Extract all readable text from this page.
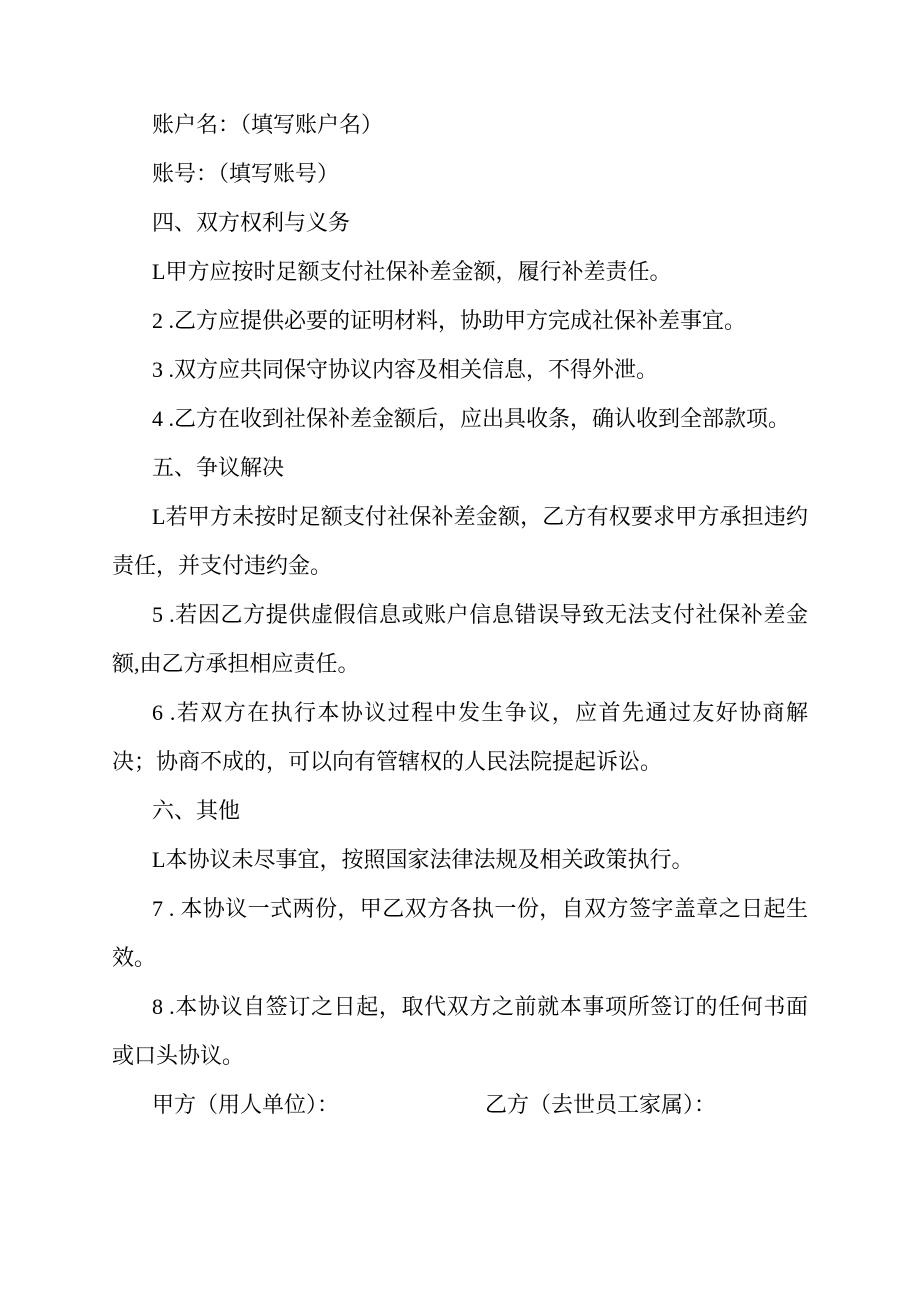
账户名：（填写账户名）

账号：（填写账号）

四、双方权利与义务

L甲方应按时足额支付社保补差金额，履行补差责任。

2 .乙方应提供必要的证明材料，协助甲方完成社保补差事宜。

3 .双方应共同保守协议内容及相关信息，不得外泄。

4 .乙方在收到社保补差金额后，应出具收条，确认收到全部款项。

五、争议解决

L若甲方未按时足额支付社保补差金额，乙方有权要求甲方承担违约责任，并支付违约金。

5 .若因乙方提供虚假信息或账户信息错误导致无法支付社保补差金额,由乙方承担相应责任。

6 .若双方在执行本协议过程中发生争议，应首先通过友好协商解决；协商不成的，可以向有管辖权的人民法院提起诉讼。

六、其他

L本协议未尽事宜，按照国家法律法规及相关政策执行。

7 . 本协议一式两份，甲乙双方各执一份，自双方签字盖章之日起生效。

8 .本协议自签订之日起，取代双方之前就本事项所签订的任何书面或口头协议。

甲方（用人单位）：	乙方（去世员工家属）：
